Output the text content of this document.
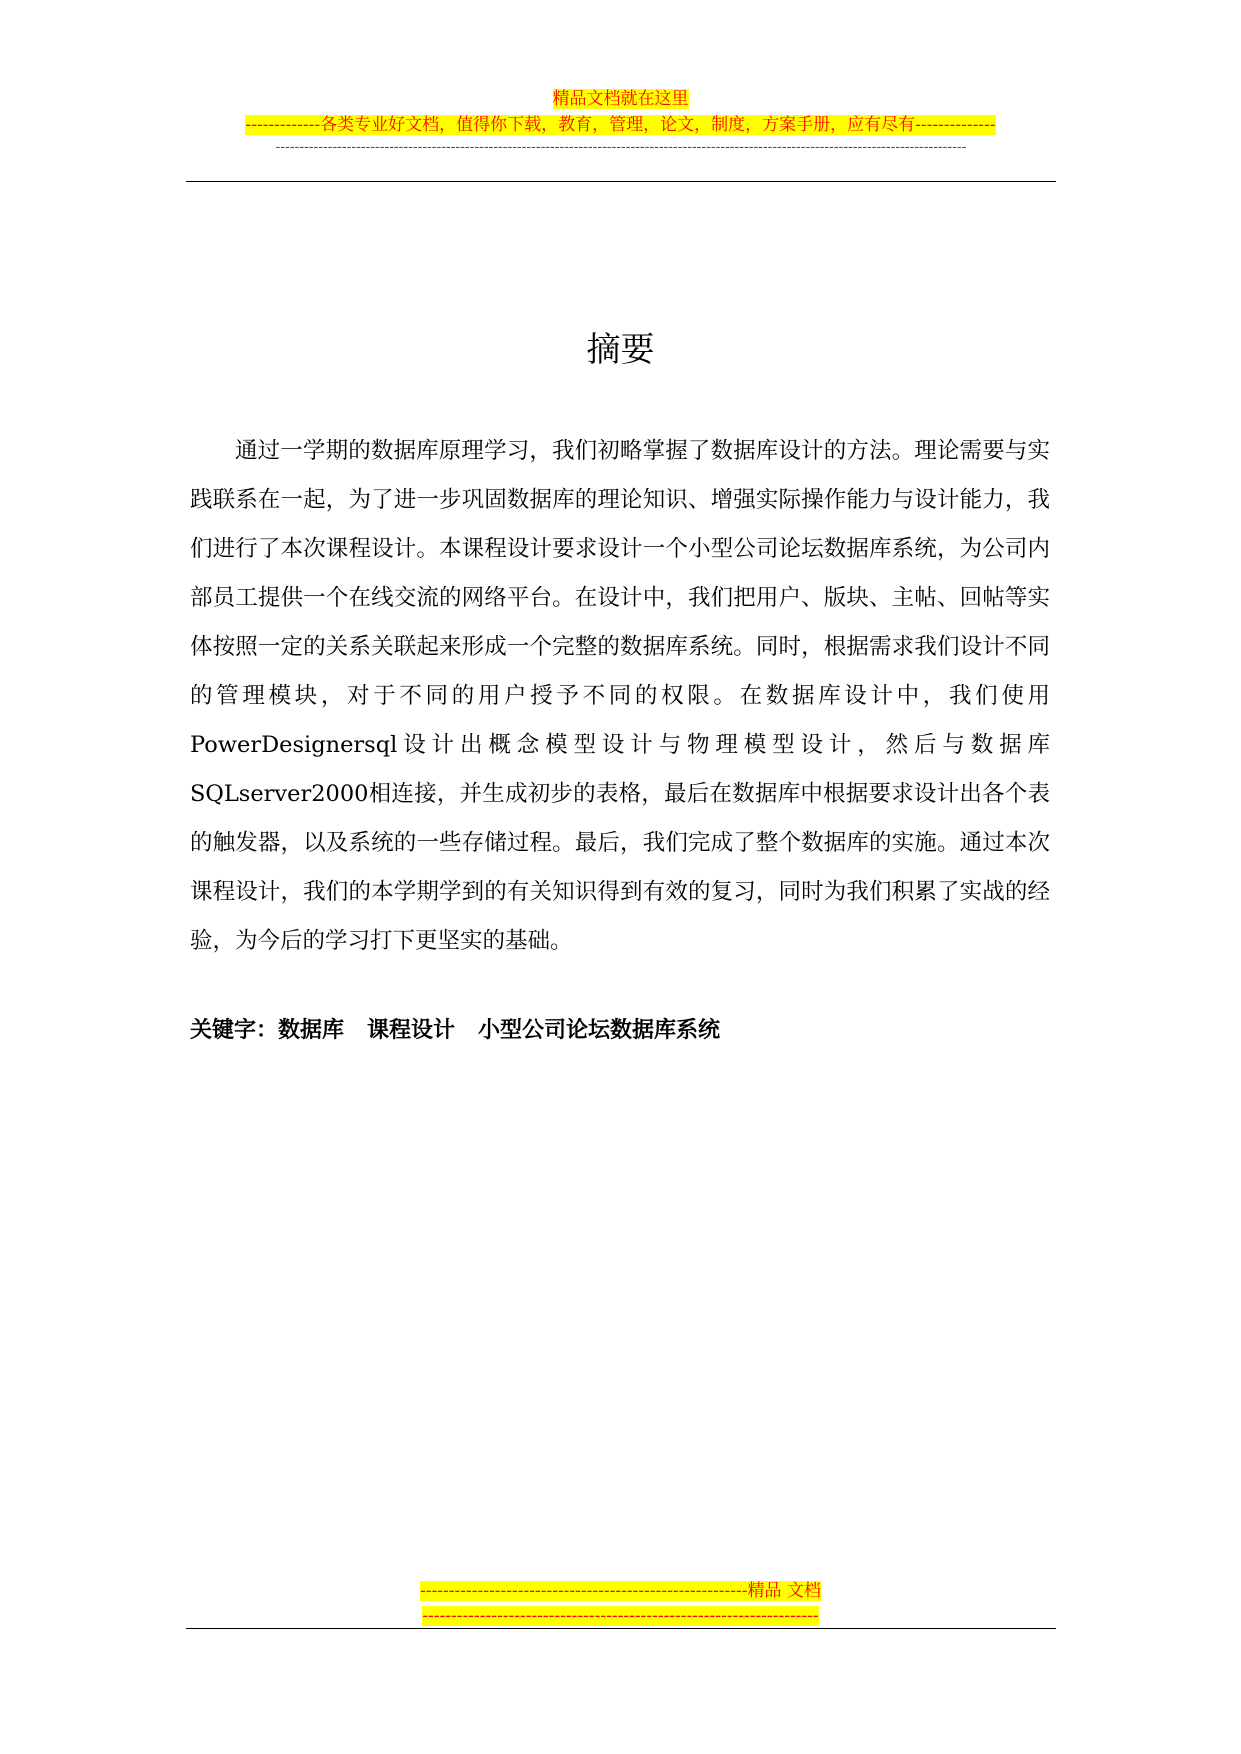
精品文档就在这里
-------------各类专业好文档，值得你下载，教育，管理，论文，制度，方案手册，应有尽有--------------
--------------------------------------------------------------------------------------------------------------------------------------------------
摘要

通过一学期的数据库原理学习，我们初略掌握了数据库设计的方法。理论需要与实践联系在一起，为了进一步巩固数据库的理论知识、增强实际操作能力与设计能力，我们进行了本次课程设计。本课程设计要求设计一个小型公司论坛数据库系统，为公司内部员工提供一个在线交流的网络平台。在设计中，我们把用户、版块、主帖、回帖等实体按照一定的关系关联起来形成一个完整的数据库系统。同时，根据需求我们设计不同的管理模块，对于不同的用户授予不同的权限。在数据库设计中，我们使用PowerDesignersql设计出概念模型设计与物理模型设计，然后与数据库SQLserver2000相连接，并生成初步的表格，最后在数据库中根据要求设计出各个表的触发器，以及系统的一些存储过程。最后，我们完成了整个数据库的实施。通过本次课程设计，我们的本学期学到的有关知识得到有效的复习，同时为我们积累了实战的经验，为今后的学习打下更坚实的基础。

关键字：数据库   课程设计   小型公司论坛数据库系统
---------------------------------------------------------精品 文档
---------------------------------------------------------------------
